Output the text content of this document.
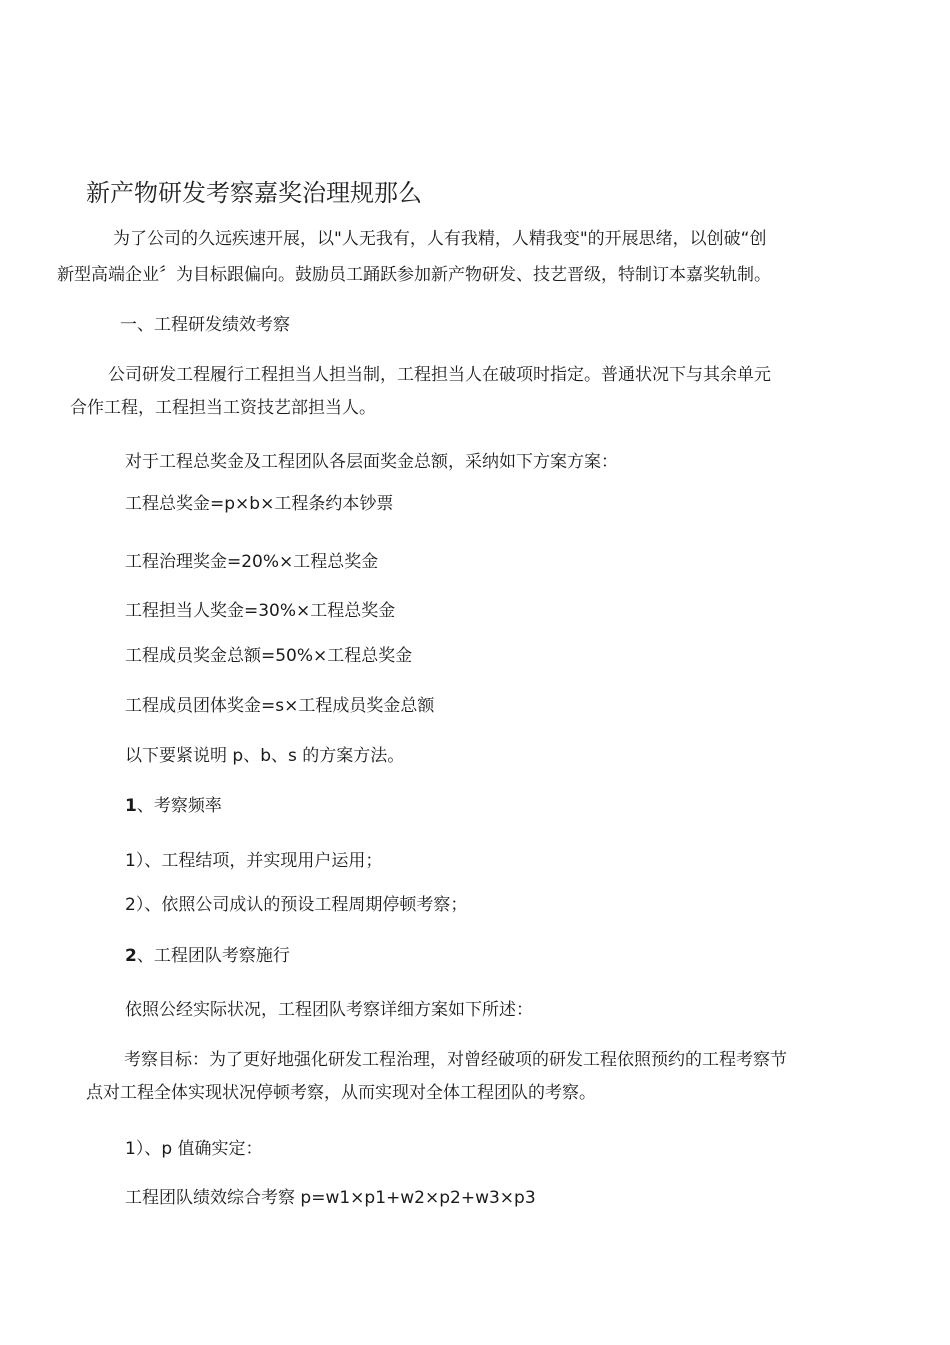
新产物研发考察嘉奖治理规那么
为了公司的久远疾速开展，以"人无我有，人有我精，人精我变"的开展思绪，以创破“创
新型高端企业〞为目标跟偏向。鼓励员工踊跃参加新产物研发、技艺晋级，特制订本嘉奖轨制。
一、工程研发绩效考察
公司研发工程履行工程担当人担当制，工程担当人在破项时指定。普通状况下与其余单元
合作工程，工程担当工资技艺部担当人。
对于工程总奖金及工程团队各层面奖金总额，采纳如下方案方案：
工程总奖金=p×b×工程条约本钞票
工程治理奖金=20%×工程总奖金
工程担当人奖金=30%×工程总奖金
工程成员奖金总额=50%×工程总奖金
工程成员团体奖金=s×工程成员奖金总额
以下要紧说明 p、b、s 的方案方法。
1、考察频率
1）、工程结项，并实现用户运用；
2）、依照公司成认的预设工程周期停顿考察；
2、工程团队考察施行
依照公经实际状况，工程团队考察详细方案如下所述：
考察目标：为了更好地强化研发工程治理，对曾经破项的研发工程依照预约的工程考察节
点对工程全体实现状况停顿考察，从而实现对全体工程团队的考察。
1）、p 值确实定：
工程团队绩效综合考察 p=w1×p1+w2×p2+w3×p3
